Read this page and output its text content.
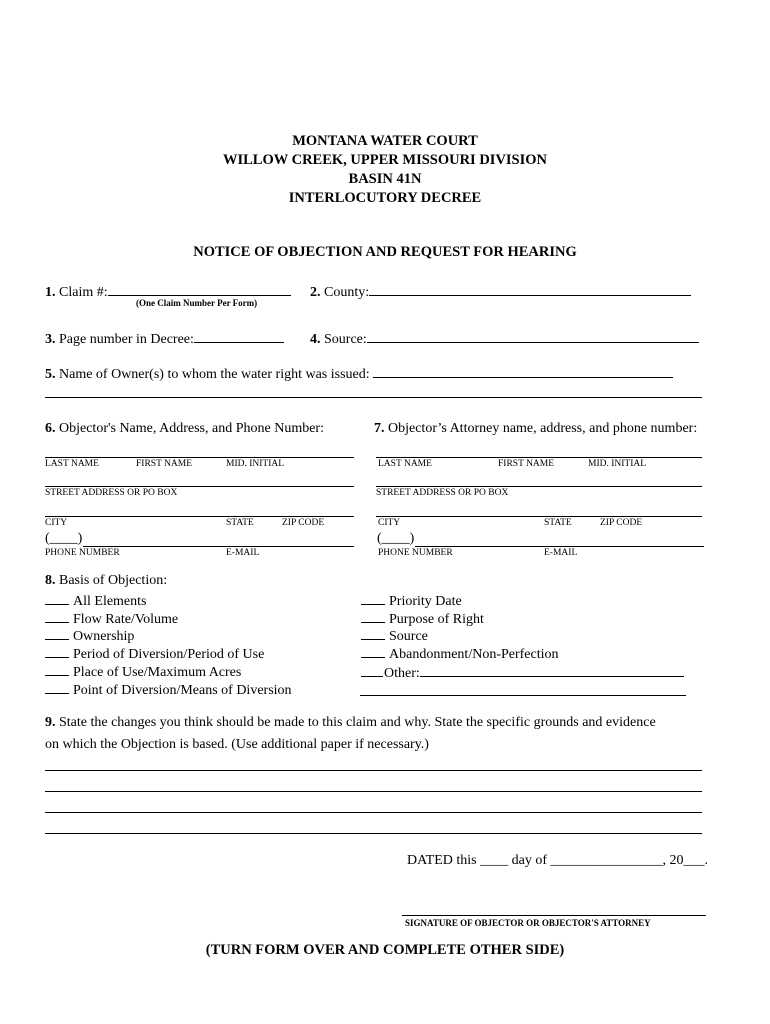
MONTANA WATER COURT
WILLOW CREEK, UPPER MISSOURI DIVISION
BASIN 41N
INTERLOCUTORY DECREE
NOTICE OF OBJECTION AND REQUEST FOR HEARING
1. Claim #:
(One Claim Number Per Form)
2. County:
3. Page number in Decree:	4. Source:
5. Name of Owner(s) to whom the water right was issued:
6. Objector's Name, Address, and Phone Number:	7. Objector’s Attorney name, address, and phone number:
LAST NAME	FIRST NAME	MID. INITIAL
STREET ADDRESS OR PO BOX
CITY	STATE	ZIP CODE
(____)
PHONE NUMBER	E-MAIL
LAST NAME	FIRST NAME	MID. INITIAL
STREET ADDRESS OR PO BOX
CITY	STATE	ZIP CODE
(____)
PHONE NUMBER	E-MAIL
8. Basis of Objection:
All Elements
Flow Rate/Volume
Ownership
Period of Diversion/Period of Use
Place of Use/Maximum Acres
Point of Diversion/Means of Diversion
Priority Date
Purpose of Right
Source
Abandonment/Non-Perfection
Other:
9. State the changes you think should be made to this claim and why. State the specific grounds and evidence
on which the Objection is based. (Use additional paper if necessary.)
DATED this ____ day of ________________, 20___.
SIGNATURE OF OBJECTOR OR OBJECTOR'S ATTORNEY
(TURN FORM OVER AND COMPLETE OTHER SIDE)
